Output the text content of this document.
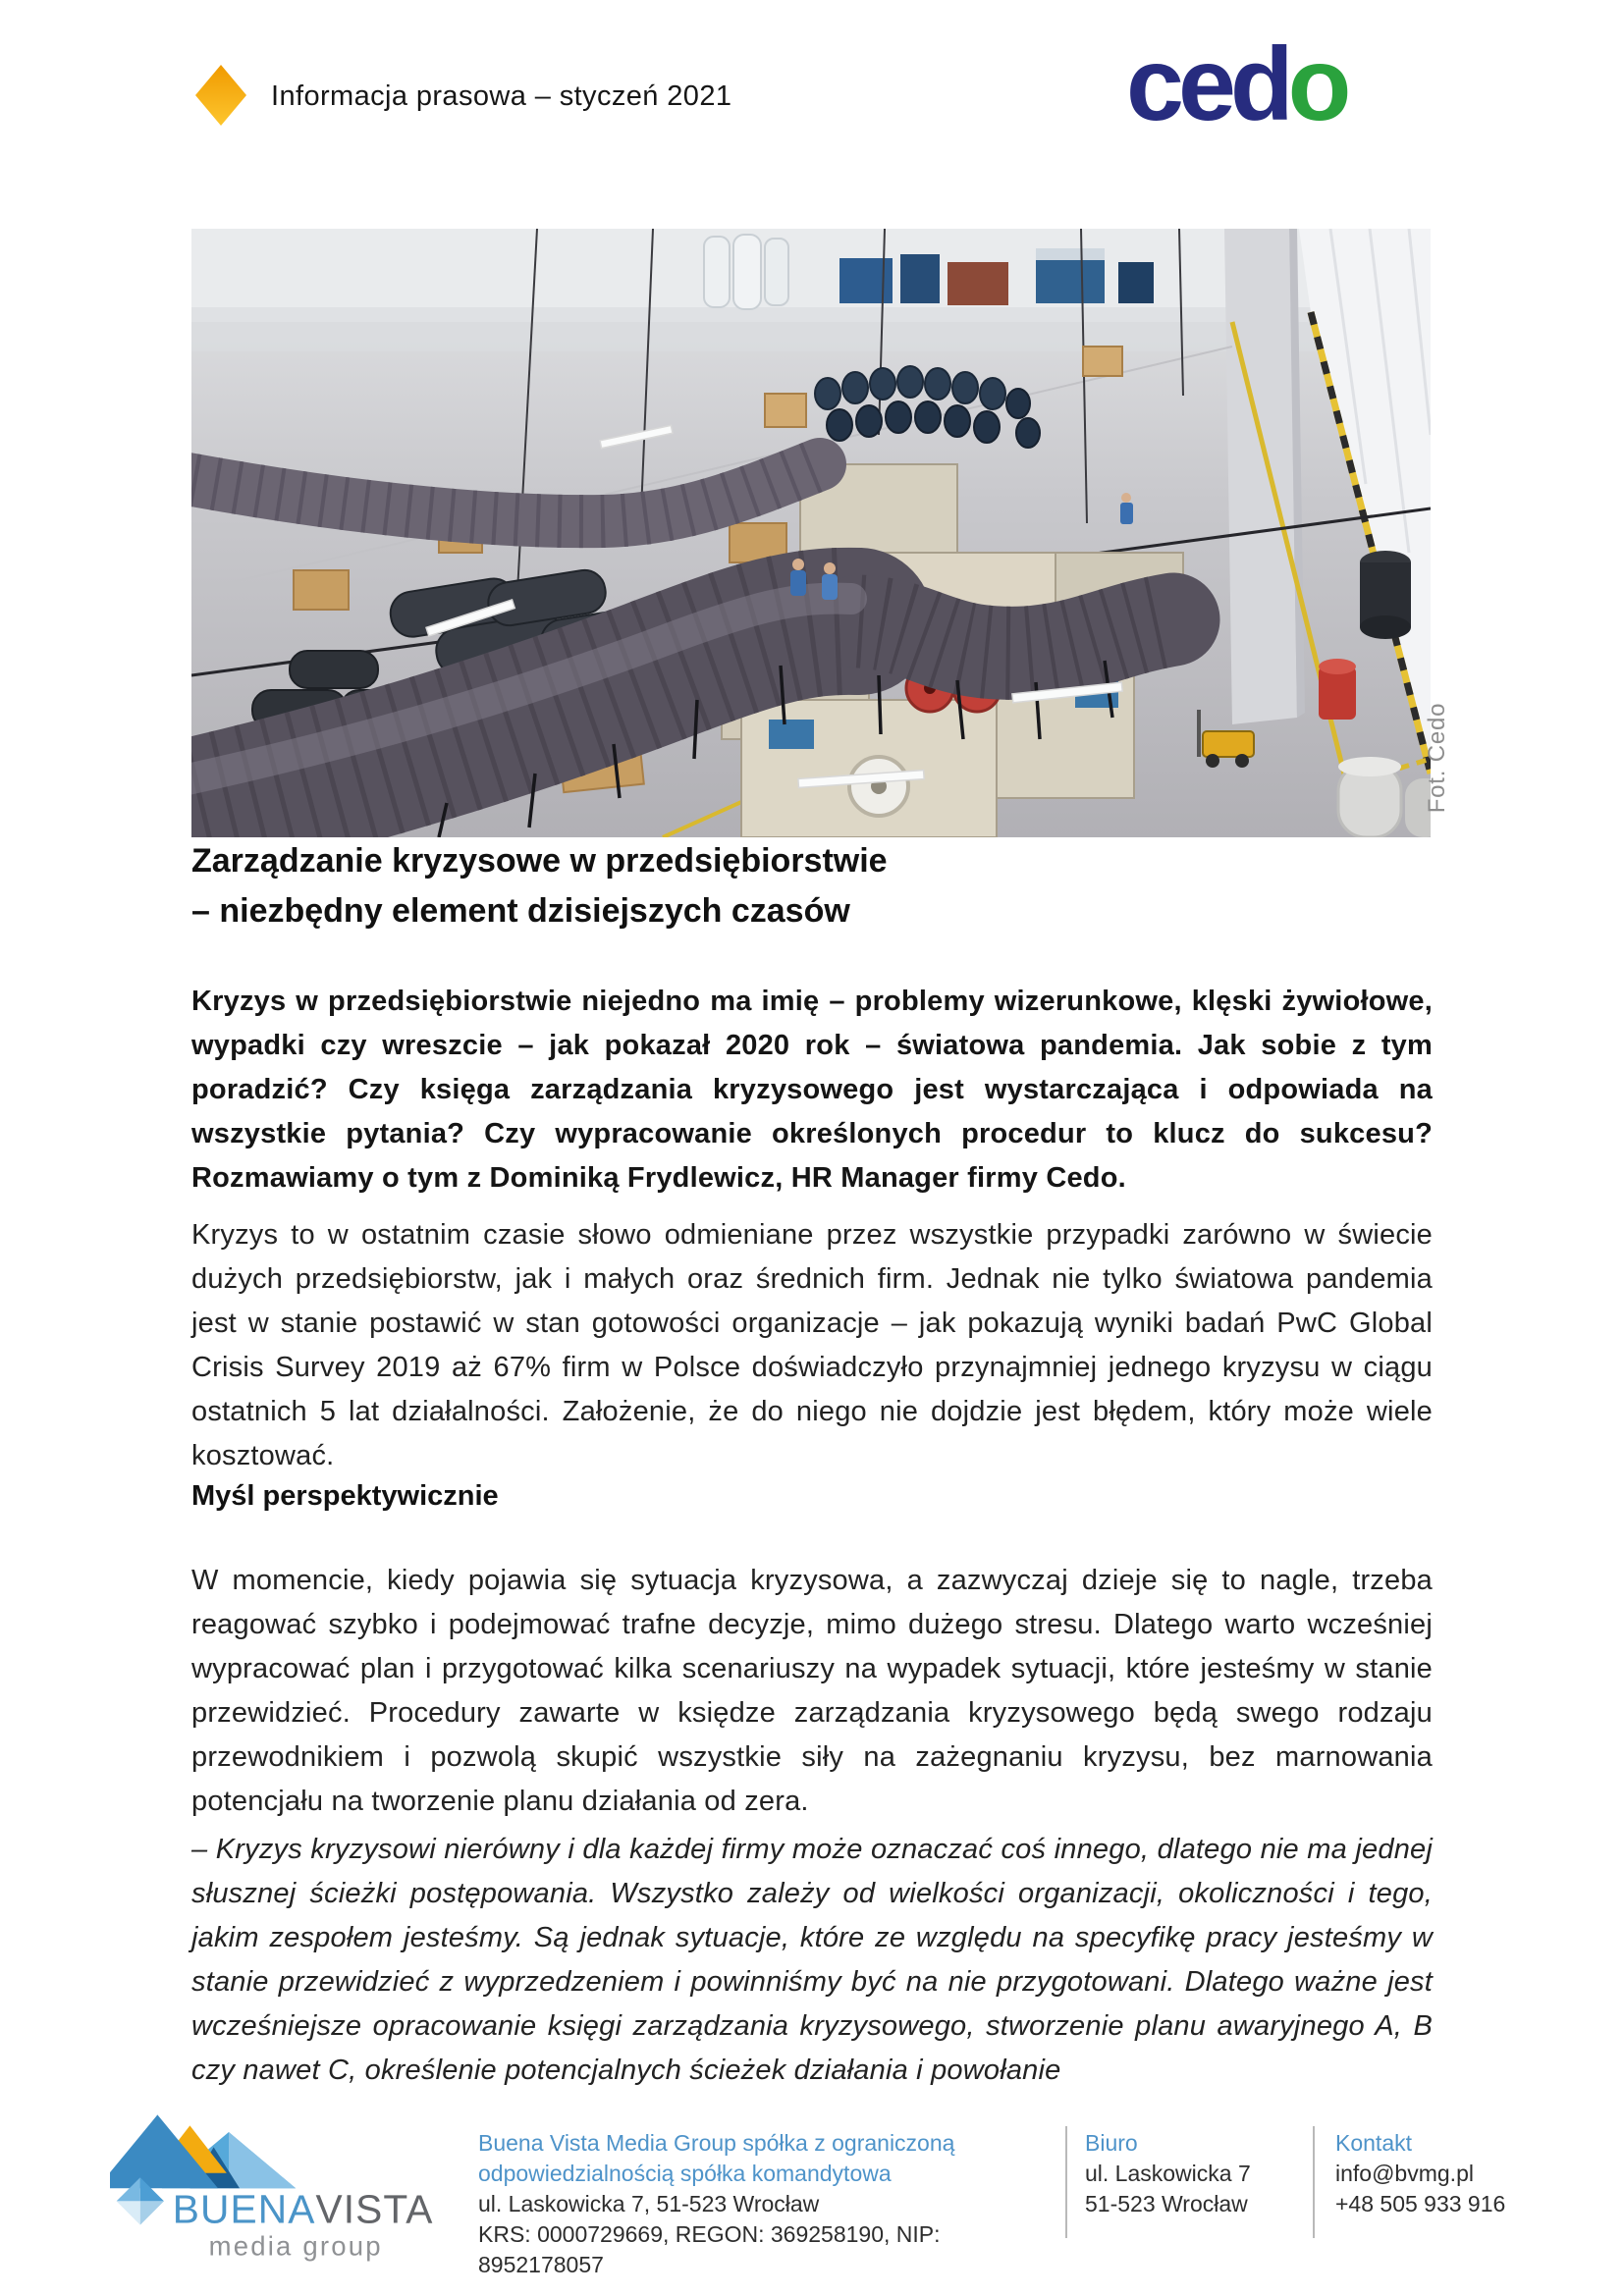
Informacja prasowa – styczeń 2021	cedo
Fot. Cedo
Zarządzanie kryzysowe w przedsiębiorstwie
– niezbędny element dzisiejszych czasów
Kryzys w przedsiębiorstwie niejedno ma imię – problemy wizerunkowe, klęski żywiołowe, wypadki czy wreszcie – jak pokazał 2020 rok – światowa pandemia. Jak sobie z tym poradzić? Czy księga zarządzania kryzysowego jest wystarczająca i odpowiada na wszystkie pytania? Czy wypracowanie określonych procedur to klucz do sukcesu? Rozmawiamy o tym z Dominiką Frydlewicz, HR Manager firmy Cedo.
Kryzys to w ostatnim czasie słowo odmieniane przez wszystkie przypadki zarówno w świecie dużych przedsiębiorstw, jak i małych oraz średnich firm. Jednak nie tylko światowa pandemia jest w stanie postawić w stan gotowości organizacje – jak pokazują wyniki badań PwC Global Crisis Survey 2019 aż 67% firm w Polsce doświadczyło przynajmniej jednego kryzysu w ciągu ostatnich 5 lat działalności. Założenie, że do niego nie dojdzie jest błędem, który może wiele kosztować.
Myśl perspektywicznie
W momencie, kiedy pojawia się sytuacja kryzysowa, a zazwyczaj dzieje się to nagle, trzeba reagować szybko i podejmować trafne decyzje, mimo dużego stresu. Dlatego warto wcześniej wypracować plan i przygotować kilka scenariuszy na wypadek sytuacji, które jesteśmy w stanie przewidzieć. Procedury zawarte w księdze zarządzania kryzysowego będą swego rodzaju przewodnikiem i pozwolą skupić wszystkie siły na zażegnaniu kryzysu, bez marnowania potencjału na tworzenie planu działania od zera.
– Kryzys kryzysowi nierówny i dla każdej firmy może oznaczać coś innego, dlatego nie ma jednej słusznej ścieżki postępowania. Wszystko zależy od wielkości organizacji, okoliczności i tego, jakim zespołem jesteśmy. Są jednak sytuacje, które ze względu na specyfikę pracy jesteśmy w stanie przewidzieć z wyprzedzeniem i powinniśmy być na nie przygotowani. Dlatego ważne jest wcześniejsze opracowanie księgi zarządzania kryzysowego, stworzenie planu awaryjnego A, B czy nawet C, określenie potencjalnych ścieżek działania i powołanie
BUENAVISTA
media group
Buena Vista Media Group spółka z ograniczoną
odpowiedzialnością spółka komandytowa
ul. Laskowicka 7, 51-523 Wrocław
KRS: 0000729669, REGON: 369258190, NIP: 8952178057
Biuro
ul. Laskowicka 7
51-523 Wrocław
Kontakt
info@bvmg.pl
+48 505 933 916
